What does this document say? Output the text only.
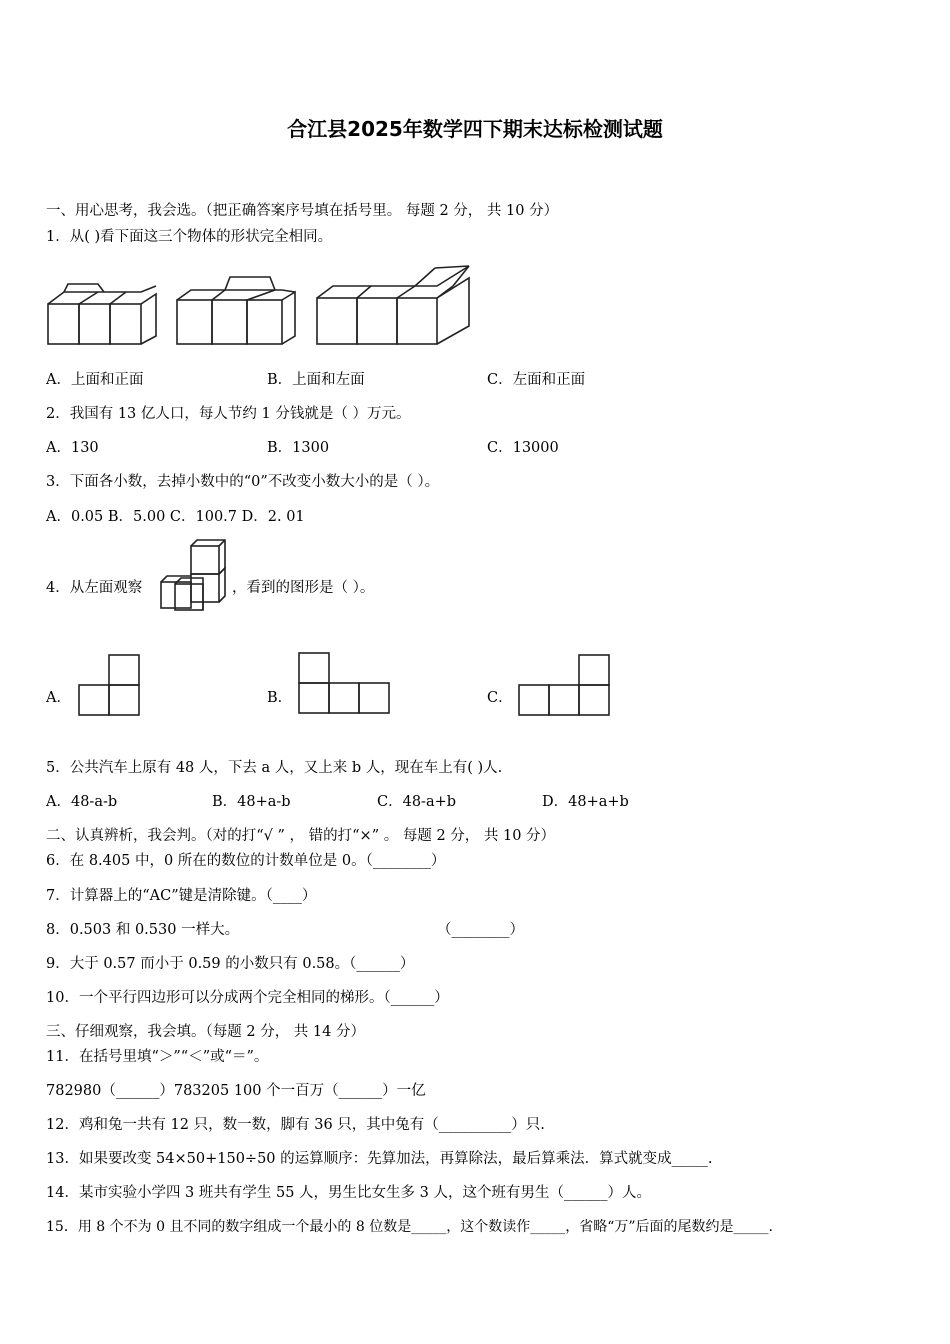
合江县2025年数学四下期末达标检测试题
一、用心思考，我会选。（把正确答案序号填在括号里。 每题 2 分， 共 10 分）
1．从( )看下面这三个物体的形状完全相同。
A．上面和正面	B．上面和左面	C．左面和正面
2．我国有 13 亿人口，每人节约 1 分钱就是（ ）万元。
A．130	B．1300	C．13000
3．下面各小数，去掉小数中的“0”不改变小数大小的是（ ）。
A．0.05 B．5.00 C．100.7 D．2. 01
4．从左面观察	，看到的图形是（ ）。
A．	B．	C．
5．公共汽车上原有 48 人，下去 a 人，又上来 b 人，现在车上有( )人.
A．48-a-b	B．48+a-b	C．48-a+b	D．48+a+b
二、认真辨析，我会判。（对的打“√ ” ， 错的打“×” 。 每题 2 分， 共 10 分）
6．在 8.405 中，0 所在的数位的计数单位是 0。（________）
7．计算器上的“AC”键是清除键。（____）
8．0.503 和 0.530 一样大。	（________）
9．大于 0.57 而小于 0.59 的小数只有 0.58。（______）
10．一个平行四边形可以分成两个完全相同的梯形。（______）
三、仔细观察，我会填。（每题 2 分， 共 14 分）
11．在括号里填“＞”“＜”或“＝”。
782980（______）783205 100 个一百万（______）一亿
12．鸡和兔一共有 12 只，数一数，脚有 36 只，其中兔有（__________）只.
13．如果要改变 54×50+150÷50 的运算顺序：先算加法，再算除法，最后算乘法．算式就变成_____.
14．某市实验小学四 3 班共有学生 55 人，男生比女生多 3 人，这个班有男生（______）人。
15．用 8 个不为 0 且不同的数字组成一个最小的 8 位数是_____，这个数读作_____，省略“万”后面的尾数约是_____.
